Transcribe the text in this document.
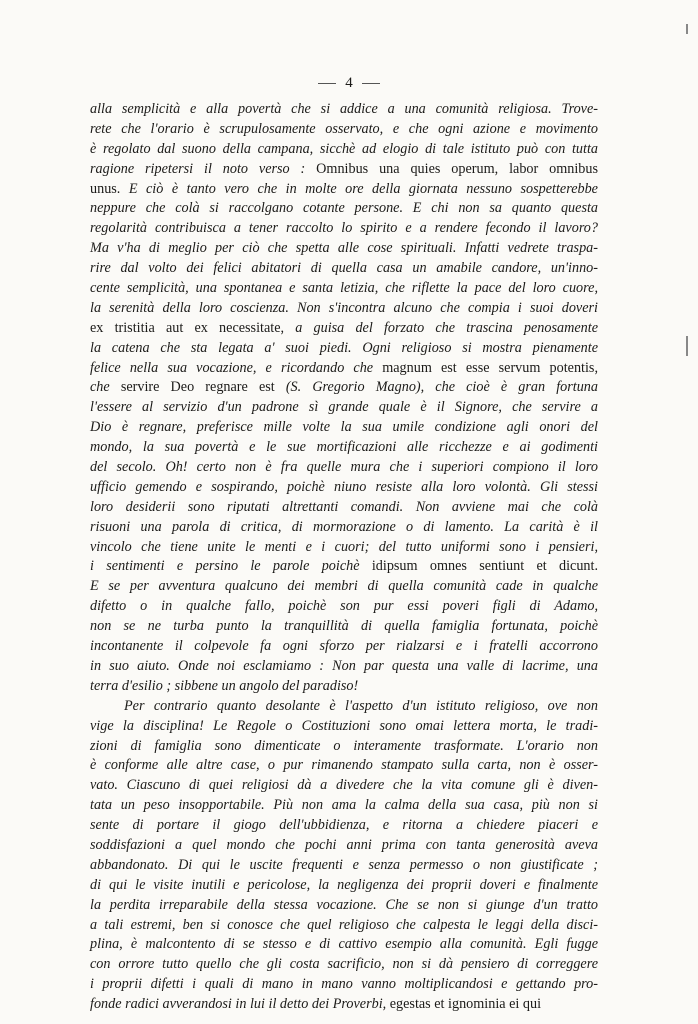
4
alla semplicità e alla povertà che si addice a una comunità religiosa. Trove-
rete che l'orario è scrupulosamente osservato, e che ogni azione e movimento
è regolato dal suono della campana, sicchè ad elogio di tale istituto può con tutta
ragione ripetersi il noto verso : Omnibus una quies operum, labor omnibus
unus. E ciò è tanto vero che in molte ore della giornata nessuno sospetterebbe
neppure che colà si raccolgano cotante persone. E chi non sa quanto questa
regolarità contribuisca a tener raccolto lo spirito e a rendere fecondo il lavoro?
Ma v'ha di meglio per ciò che spetta alle cose spirituali. Infatti vedrete traspa-
rire dal volto dei felici abitatori di quella casa un amabile candore, un'inno-
cente semplicità, una spontanea e santa letizia, che riflette la pace del loro cuore,
la serenità della loro coscienza. Non s'incontra alcuno che compia i suoi doveri
ex tristitia aut ex necessitate, a guisa del forzato che trascina penosamente
la catena che sta legata a' suoi piedi. Ogni religioso si mostra pienamente
felice nella sua vocazione, e ricordando che magnum est esse servum potentis,
che servire Deo regnare est (S. Gregorio Magno), che cioè è gran fortuna
l'essere al servizio d'un padrone sì grande quale è il Signore, che servire a
Dio è regnare, preferisce mille volte la sua umile condizione agli onori del
mondo, la sua povertà e le sue mortificazioni alle ricchezze e ai godimenti
del secolo. Oh! certo non è fra quelle mura che i superiori compiono il loro
ufficio gemendo e sospirando, poichè niuno resiste alla loro volontà. Gli stessi
loro desiderii sono riputati altrettanti comandi. Non avviene mai che colà
risuoni una parola di critica, di mormorazione o di lamento. La carità è il
vincolo che tiene unite le menti e i cuori; del tutto uniformi sono i pensieri,
i sentimenti e persino le parole poichè idipsum omnes sentiunt et dicunt.
E se per avventura qualcuno dei membri di quella comunità cade in qualche
difetto o in qualche fallo, poichè son pur essi poveri figli di Adamo,
non se ne turba punto la tranquillità di quella famiglia fortunata, poichè
incontanente il colpevole fa ogni sforzo per rialzarsi e i fratelli accorrono
in suo aiuto. Onde noi esclamiamo : Non par questa una valle di lacrime, una
terra d'esilio ; sibbene un angolo del paradiso!
Per contrario quanto desolante è l'aspetto d'un istituto religioso, ove non
vige la disciplina! Le Regole o Costituzioni sono omai lettera morta, le tradi-
zioni di famiglia sono dimenticate o interamente trasformate. L'orario non
è conforme alle altre case, o pur rimanendo stampato sulla carta, non è osser-
vato. Ciascuno di quei religiosi dà a divedere che la vita comune gli è diven-
tata un peso insopportabile. Più non ama la calma della sua casa, più non si
sente di portare il giogo dell'ubbidienza, e ritorna a chiedere piaceri e
soddisfazioni a quel mondo che pochi anni prima con tanta generosità aveva
abbandonato. Di qui le uscite frequenti e senza permesso o non giustificate ;
di qui le visite inutili e pericolose, la negligenza dei proprii doveri e finalmente
la perdita irreparabile della stessa vocazione. Che se non si giunge d'un tratto
a tali estremi, ben si conosce che quel religioso che calpesta le leggi della disci-
plina, è malcontento di se stesso e di cattivo esempio alla comunità. Egli fugge
con orrore tutto quello che gli costa sacrificio, non si dà pensiero di correggere
i proprii difetti i quali di mano in mano vanno moltiplicandosi e gettando pro-
fonde radici avverandosi in lui il detto dei Proverbi, egestas et ignominia ei qui
